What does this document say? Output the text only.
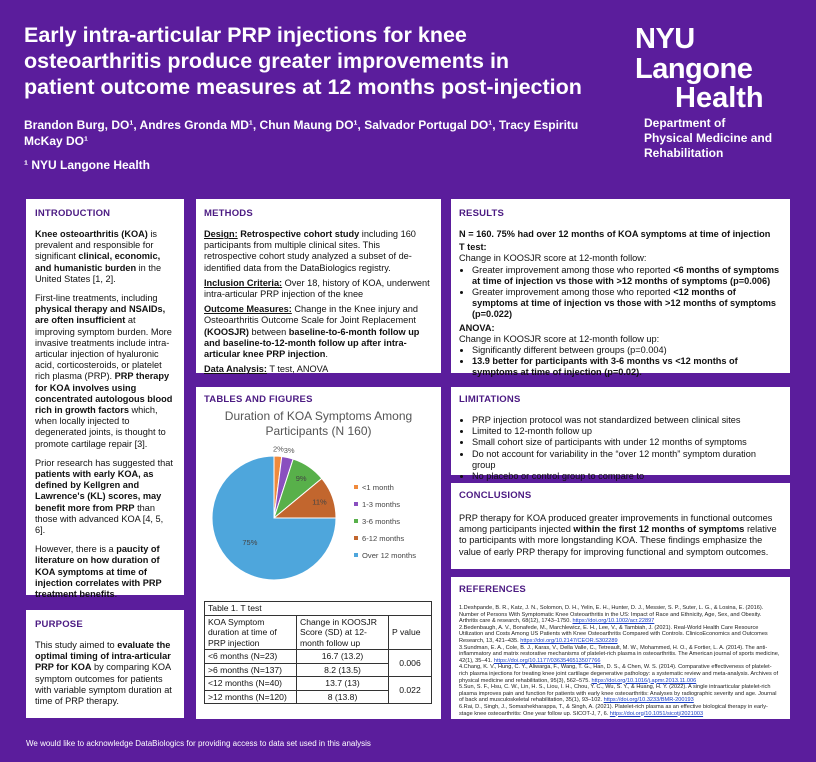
Early intra-articular PRP injections for knee osteoarthritis produce greater improvements in patient outcome measures at 12 months post-injection
NYU Langone
Health
Brandon Burg, DO¹, Andres Gronda MD¹, Chun Maung DO¹, Salvador Portugal DO¹, Tracy Espiritu McKay DO¹
¹ NYU Langone Health
Department of Physical Medicine and Rehabilitation
INTRODUCTION

Knee osteoarthritis (KOA) is prevalent and responsible for significant clinical, economic, and humanistic burden in the United States [1, 2].

First-line treatments, including physical therapy and NSAIDs, are often insufficient at improving symptom burden. More invasive treatments include intra-articular injection of hyaluronic acid, corticosteroids, or platelet rich plasma (PRP). PRP therapy for KOA involves using concentrated autologous blood rich in growth factors which, when locally injected to degenerated joints, is thought to promote cartilage repair [3].

Prior research has suggested that patients with early KOA, as defined by Kellgren and Lawrence's (KL) scores, may benefit more from PRP than those with advanced KOA [4, 5, 6].

However, there is a paucity of literature on how duration of KOA symptoms at time of injection correlates with PRP treatment benefits.

PURPOSE

This study aimed to evaluate the optimal timing of intra-articular PRP for KOA by comparing KOA symptom outcomes for patients with variable symptom duration at time of PRP therapy.

METHODS

Design: Retrospective cohort study including 160 participants from multiple clinical sites. This retrospective cohort study analyzed a subset of de-identified data from the DataBiologics registry.

Inclusion Criteria: Over 18, history of KOA, underwent intra-articular PRP injection of the knee

Outcome Measures: Change in the Knee injury and Osteoarthritis Outcome Scale for Joint Replacement (KOOSJR) between baseline-to-6-month follow up and baseline-to-12-month follow up after intra-articular knee PRP injection.

Data Analysis: T test, ANOVA

TABLES AND FIGURES
Duration of KOA Symptoms Among Participants (N 160)
2% 3%
9%
11%
75%
<1 month
1-3 months
3-6 months
6-12 months
Over 12 months
Table 1. T test		
KOA Symptom duration at time of PRP injection	Change in KOOSJR Score (SD) at 12-month follow up	P value
<6 months (N=23)	16.7 (13.2)	0.006
>6 months (N=137)	8.2 (13.5)	
<12 months (N=40)	13.7 (13)	0.022
>12 months (N=120)	8 (13.8)	
RESULTS

N = 160. 75% had over 12 months of KOA symptoms at time of injection

T test:

Change in KOOSJR score at 12-month follow:

• Greater improvement among those who reported <6 months of symptoms at time of injection vs those with >12 months of symptoms (p=0.006)
• Greater improvement among those who reported <12 months of symptoms at time of injection vs those with >12 months of symptoms (p=0.022)

ANOVA:

Change in KOOSJR score at 12-month follow up:

• Significantly different between groups (p=0.004)
• 13.9 better for participants with 3-6 months vs <12 months of symptoms at time of injection (p=0.02).
LIMITATIONS
• PRP injection protocol was not standardized between clinical sites
• Limited to 12-month follow up
• Small cohort size of participants with under 12 months of symptoms
• Do not account for variability in the “over 12 month” symptom duration group
• No placebo or control group to compare to
CONCLUSIONS

PRP therapy for KOA produced greater improvements in functional outcomes among participants injected within the first 12 months of symptoms relative to participants with more longstanding KOA. These findings emphasize the value of early PRP therapy for improving functional and symptom outcomes.

REFERENCES

1.Deshpande, B. R., Katz, J. N., Solomon, D. H., Yelin, E. H., Hunter, D. J., Messier, S. P., Suter, L. G., & Losina, E. (2016). Number of Persons With Symptomatic Knee Osteoarthritis in the US: Impact of Race and Ethnicity, Age, Sex, and Obesity. Arthritis care & research, 68(12), 1743–1750. https://doi.org/10.1002/acr.22897

2.Bedenbaugh, A. V., Bonafede, M., Marchlewicz, E. H., Lee, V., & Tambiah, J. (2021). Real-World Health Care Resource Utilization and Costs Among US Patients with Knee Osteoarthritis Compared with Controls. ClinicoEconomics and Outcomes Research, 13, 421–435. https://doi.org/10.2147/CEOR.S302289

3.Sundman, E. A., Cole, B. J., Karas, V., Della Valle, C., Tetreault, M. W., Mohammed, H. O., & Fortier, L. A. (2014). The anti-inflammatory and matrix restorative mechanisms of platelet-rich plasma in osteoarthritis. The American journal of sports medicine, 42(1), 35–41. https://doi.org/10.1177/0363546513507766

4.Chang, K. V., Hung, C. Y., Aliwarga, F., Wang, T. G., Han, D. S., & Chen, W. S. (2014). Comparative effectiveness of platelet-rich plasma injections for treating knee joint cartilage degenerative pathology: a systematic review and meta-analysis. Archives of physical medicine and rehabilitation, 95(3), 562–575. https://doi.org/10.1016/j.apmr.2013.11.006

5.Sun, S. F., Hsu, C. W., Lin, H. S., Liou, I. H., Chou, Y. C., Wu, S. Y., & Huang, H. Y. (2022). A single intraarticular platelet-rich plasma improves pain and function for patients with early knee osteoarthritis: Analyses by radiographic severity and age. Journal of back and musculoskeletal rehabilitation, 35(1), 93–102. https://doi.org/10.3233/BMR-200193

6.Rai, D., Singh, J., Somashekharappa, T., & Singh, A. (2021). Platelet-rich plasma as an effective biological therapy in early-stage knee osteoarthritis: One year follow up. SICOT-J, 7, 6. https://doi.org/10.1051/sicotj/2021003

We would like to acknowledge DataBiologics for providing access to data set used in this analysis
